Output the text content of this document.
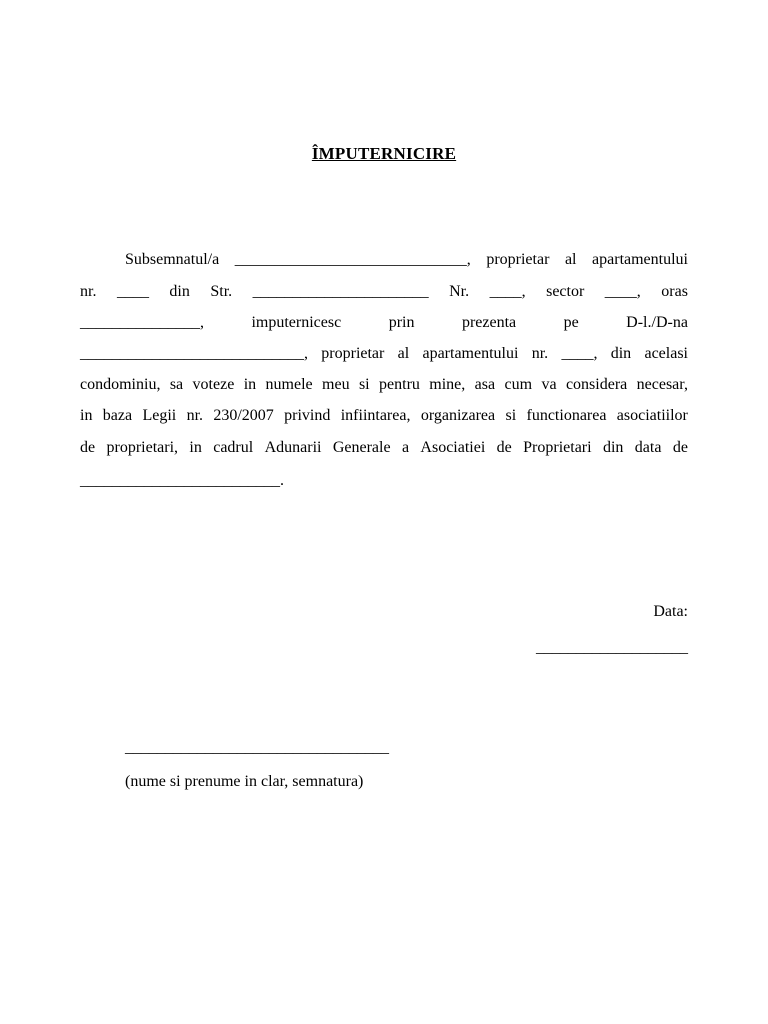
ÎMPUTERNICIRE
Subsemnatul/a _____________________________, proprietar al apartamentului
nr. ____ din Str. ______________________ Nr. ____, sector ____, oras
_______________,	imputernicesc	prin	prezenta	pe	D-l./D-na
____________________________, proprietar al apartamentului nr. ____, din acelasi
condominiu, sa voteze in numele meu si pentru mine, asa cum va considera necesar,
in baza Legii nr. 230/2007 privind infiintarea, organizarea si functionarea asociatiilor
de proprietari, in cadrul Adunarii Generale a Asociatiei de Proprietari din data de
_________________________.
Data:
___________________
_________________________________
(nume si prenume in clar, semnatura)
